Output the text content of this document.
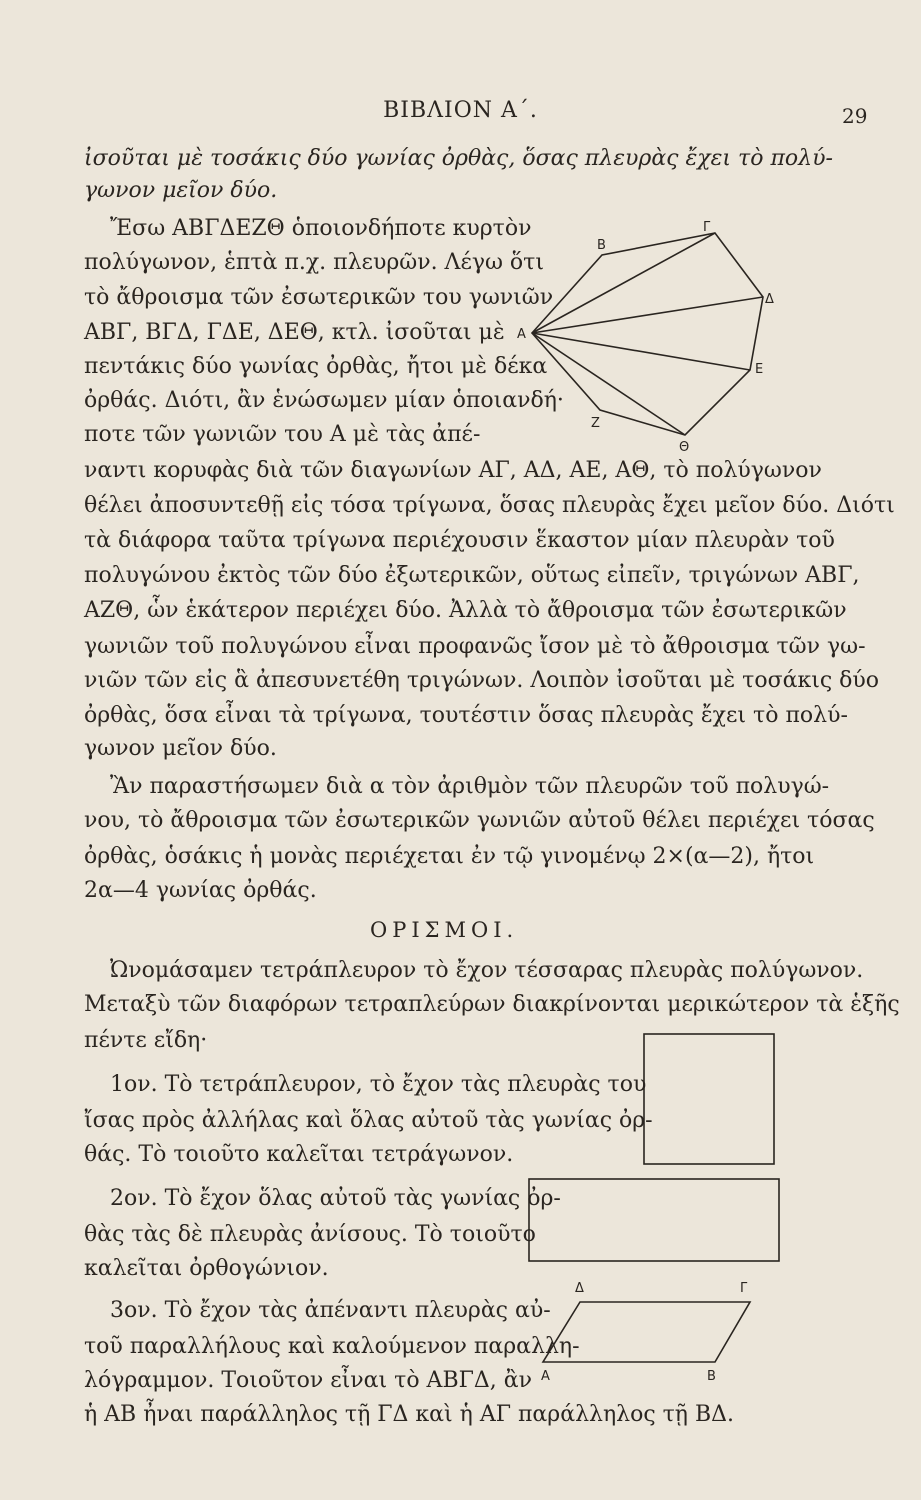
ΒΙΒΛΙΟΝ Α΄.	29
ἰσοῦται μὲ τοσάκις δύο γωνίας ὀρθὰς, ὅσας πλευρὰς ἔχει τὸ πολύ-
γωνον μεῖον δύο.
Ἔσω ΑΒΓΔΕΖΘ ὁποιονδήποτε κυρτὸν
πολύγωνον, ἑπτὰ π.χ. πλευρῶν. Λέγω ὅτι
τὸ ἄθροισμα τῶν ἐσωτερικῶν του γωνιῶν
ΑΒΓ, ΒΓΔ, ΓΔΕ, ΔΕΘ, κτλ. ἰσοῦται μὲ
πεντάκις δύο γωνίας ὀρθὰς, ἤτοι μὲ δέκα
ὀρθάς. Διότι, ἂν ἑνώσωμεν μίαν ὁποιανδή·
ποτε τῶν γωνιῶν του Α μὲ τὰς ἀπέ-
ναντι κορυφὰς διὰ τῶν διαγωνίων ΑΓ, ΑΔ, ΑΕ, ΑΘ, τὸ πολύγωνον
θέλει ἀποσυντεθῇ εἰς τόσα τρίγωνα, ὅσας πλευρὰς ἔχει μεῖον δύο. Διότι
τὰ διάφορα ταῦτα τρίγωνα περιέχουσιν ἕκαστον μίαν πλευρὰν τοῦ
πολυγώνου ἐκτὸς τῶν δύο ἐξωτερικῶν, οὕτως εἰπεῖν, τριγώνων ΑΒΓ,
ΑΖΘ, ὧν ἑκάτερον περιέχει δύο. Ἀλλὰ τὸ ἄθροισμα τῶν ἐσωτερικῶν
γωνιῶν τοῦ πολυγώνου εἶναι προφανῶς ἴσον μὲ τὸ ἄθροισμα τῶν γω-
νιῶν τῶν εἰς ἃ ἀπεσυνετέθη τριγώνων. Λοιπὸν ἰσοῦται μὲ τοσάκις δύο
ὀρθὰς, ὅσα εἶναι τὰ τρίγωνα, τουτέστιν ὅσας πλευρὰς ἔχει τὸ πολύ-
γωνον μεῖον δύο.
Ἂν παραστήσωμεν διὰ α τὸν ἀριθμὸν τῶν πλευρῶν τοῦ πολυγώ-
νου, τὸ ἄθροισμα τῶν ἐσωτερικῶν γωνιῶν αὐτοῦ θέλει περιέχει τόσας
ὀρθὰς, ὁσάκις ἡ μονὰς περιέχεται ἐν τῷ γινομένῳ 2×(α—2), ἤτοι
2α—4 γωνίας ὀρθάς.
ΟΡΙΣΜΟΙ.
Ὠνομάσαμεν τετράπλευρον τὸ ἔχον τέσσαρας πλευρὰς πολύγωνον.
Μεταξὺ τῶν διαφόρων τετραπλεύρων διακρίνονται μερικώτερον τὰ ἑξῆς
πέντε εἴδη·
1ον. Τὸ τετράπλευρον, τὸ ἔχον τὰς πλευρὰς του
ἴσας πρὸς ἀλλήλας καὶ ὅλας αὐτοῦ τὰς γωνίας ὀρ-
θάς. Τὸ τοιοῦτο καλεῖται τετράγωνον.
2ον. Τὸ ἔχον ὅλας αὐτοῦ τὰς γωνίας ὀρ-
θὰς τὰς δὲ πλευρὰς ἀνίσους. Τὸ τοιοῦτο
καλεῖται ὀρθογώνιον.
3ον. Τὸ ἔχον τὰς ἀπέναντι πλευρὰς αὐ-
τοῦ παραλλήλους καὶ καλούμενον παραλλη-
λόγραμμον. Τοιοῦτον εἶναι τὸ ΑΒΓΔ, ἂν
ἡ ΑΒ ἦναι παράλληλος τῇ ΓΔ καὶ ἡ ΑΓ παράλληλος τῇ ΒΔ.
Β
Γ
Δ
Α
Ε
Ζ
Θ
Δ	Γ
Α	Β
